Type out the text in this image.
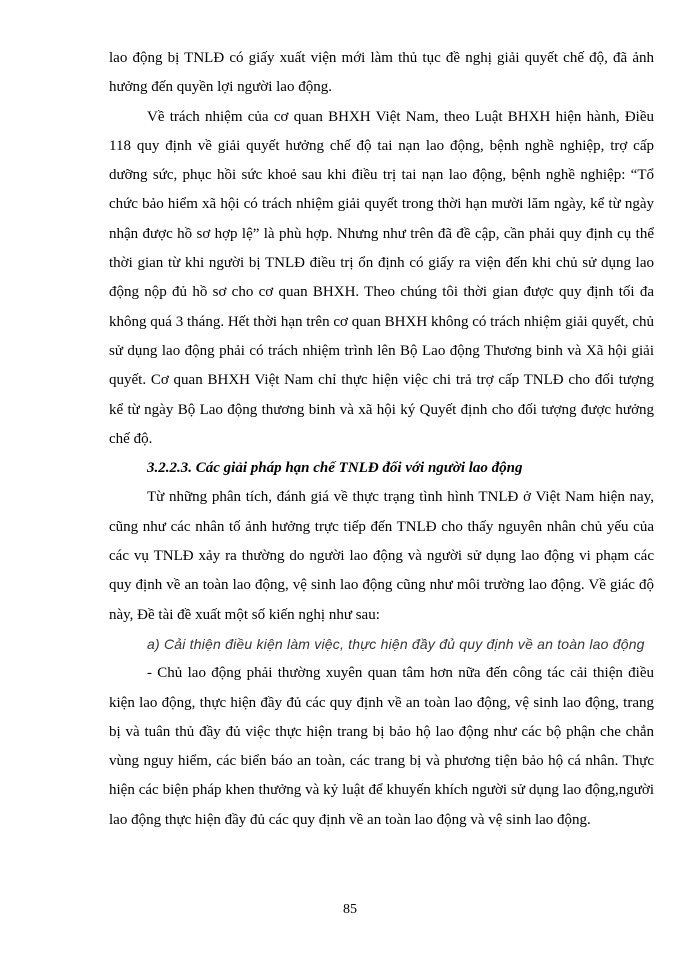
lao động bị TNLĐ có giấy xuất viện mới làm thủ tục đề nghị giải quyết chế độ, đã ảnh hưởng đến quyền lợi người lao động.

Về trách nhiệm của cơ quan BHXH Việt Nam, theo Luật BHXH hiện hành, Điều 118 quy định về giải quyết hưởng chế độ tai nạn lao động, bệnh nghề nghiệp, trợ cấp dưỡng sức, phục hồi sức khoẻ sau khi điều trị tai nạn lao động, bệnh nghề nghiệp: “Tổ chức bảo hiểm xã hội có trách nhiệm giải quyết trong thời hạn mười lăm ngày, kể từ ngày nhận được hồ sơ hợp lệ” là phù hợp. Nhưng như trên đã đề cập, cần phải quy định cụ thể thời gian từ khi người bị TNLĐ điều trị ổn định có giấy ra viện đến khi chủ sử dụng lao động nộp đủ hồ sơ cho cơ quan BHXH. Theo chúng tôi thời gian được quy định tối đa không quá 3 tháng. Hết thời hạn trên cơ quan BHXH không có trách nhiệm giải quyết, chủ sử dụng lao động phải có trách nhiệm trình lên Bộ Lao động Thương binh và Xã hội giải quyết. Cơ quan BHXH Việt Nam chỉ thực hiện việc chi trả trợ cấp TNLĐ cho đối tượng kể từ ngày Bộ Lao động thương binh và xã hội ký Quyết định cho đối tượng được hưởng chế độ.

3.2.2.3. Các giải pháp hạn chế TNLĐ đối với người lao động

Từ những phân tích, đánh giá về thực trạng tình hình TNLĐ ở Việt Nam hiện nay, cũng như các nhân tố ảnh hưởng trực tiếp đến TNLĐ cho thấy nguyên nhân chủ yếu của các vụ TNLĐ xảy ra thường do người lao động và người sử dụng lao động vi phạm các quy định về an toàn lao động, vệ sinh lao động cũng như môi trường lao động. Về giác độ này, Đề tài đề xuất một số kiến nghị như sau:

a) Cải thiện điều kiện làm việc, thực hiện đầy đủ quy định về an toàn lao động

- Chủ lao động phải thường xuyên quan tâm hơn nữa đến công tác cải thiện điều kiện lao động, thực hiện đầy đủ các quy định về an toàn lao động, vệ sinh lao động, trang bị và tuân thủ đầy đủ việc thực hiện trang bị bảo hộ lao động như các bộ phận che chắn vùng nguy hiểm, các biển báo an toàn, các trang bị và phương tiện bảo hộ cá nhân. Thực hiện các biện pháp khen thưởng và kỷ luật để khuyến khích người sử dụng lao động,người lao động thực hiện đầy đủ các quy định về an toàn lao động và vệ sinh lao động.

85
